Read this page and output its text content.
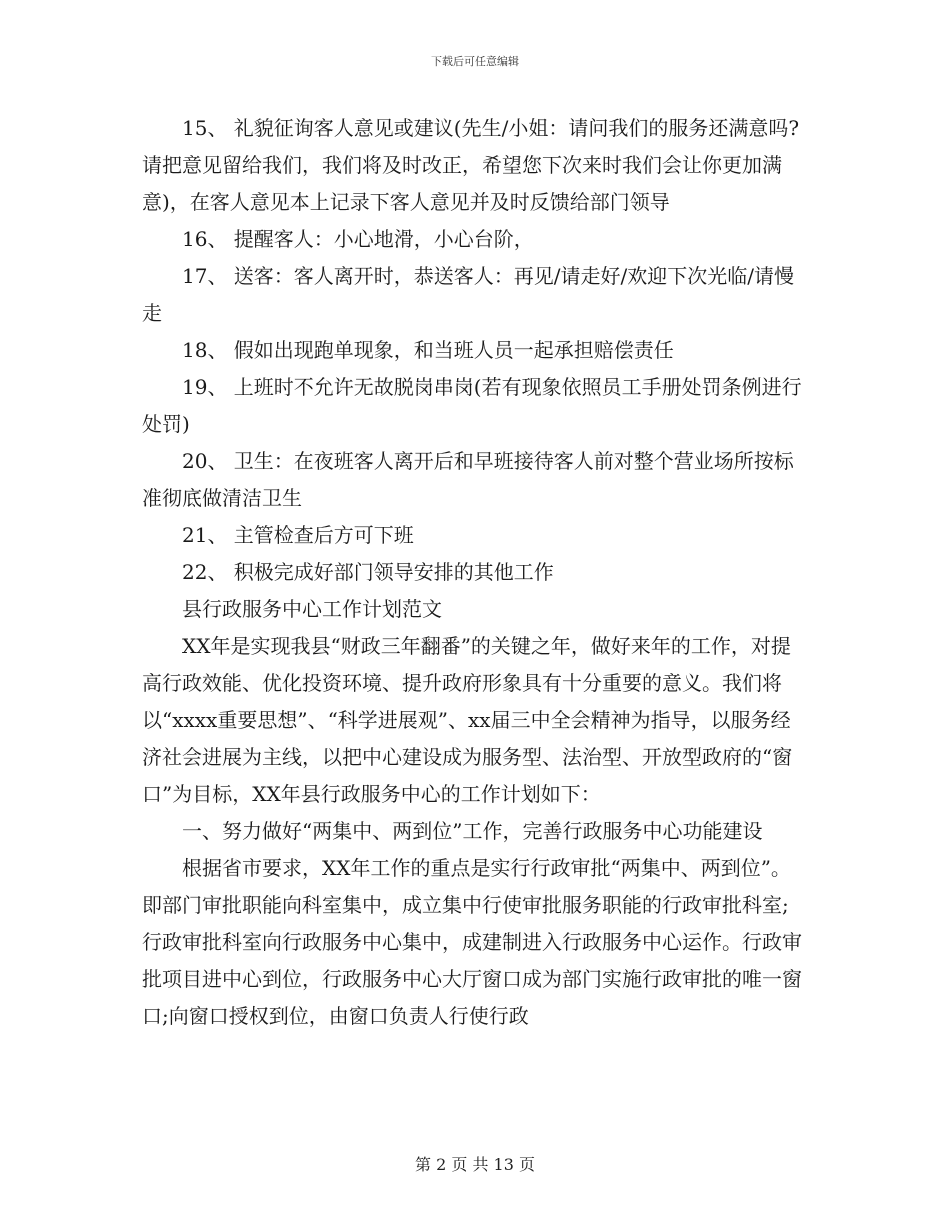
下载后可任意编辑

15、 礼貌征询客人意见或建议(先生/小姐：请问我们的服务还满意吗?请把意见留给我们，我们将及时改正，希望您下次来时我们会让你更加满意)，在客人意见本上记录下客人意见并及时反馈给部门领导

16、 提醒客人：小心地滑，小心台阶，

17、 送客：客人离开时，恭送客人：再见/请走好/欢迎下次光临/请慢走

18、 假如出现跑单现象，和当班人员一起承担赔偿责任

19、 上班时不允许无故脱岗串岗(若有现象依照员工手册处罚条例进行处罚)

20、 卫生：在夜班客人离开后和早班接待客人前对整个营业场所按标准彻底做清洁卫生

21、 主管检查后方可下班

22、 积极完成好部门领导安排的其他工作

县行政服务中心工作计划范文

XX年是实现我县“财政三年翻番”的关键之年，做好来年的工作，对提高行政效能、优化投资环境、提升政府形象具有十分重要的意义。我们将以“xxxx重要思想”、“科学进展观”、xx届三中全会精神为指导，以服务经济社会进展为主线，以把中心建设成为服务型、法治型、开放型政府的“窗口”为目标，XX年县行政服务中心的工作计划如下：

一、努力做好“两集中、两到位”工作，完善行政服务中心功能建设

根据省市要求，XX年工作的重点是实行行政审批“两集中、两到位”。即部门审批职能向科室集中，成立集中行使审批服务职能的行政审批科室;行政审批科室向行政服务中心集中，成建制进入行政服务中心运作。行政审批项目进中心到位，行政服务中心大厅窗口成为部门实施行政审批的唯一窗口;向窗口授权到位，由窗口负责人行使行政

第 2 页 共 13 页
